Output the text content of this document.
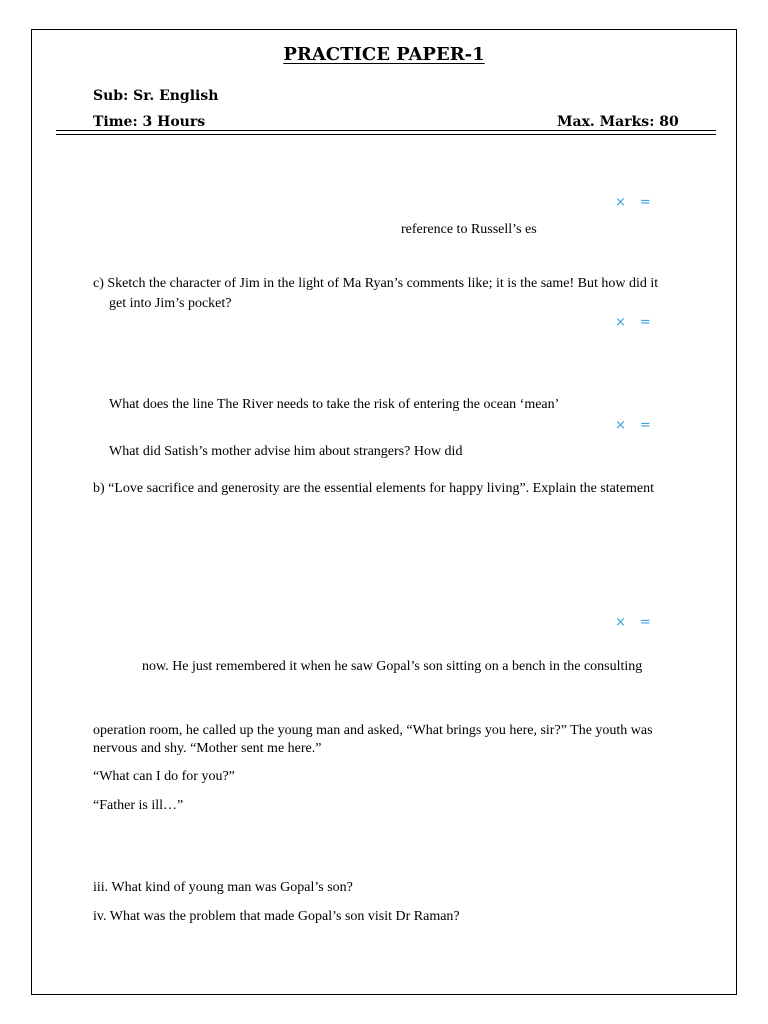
PRACTICE PAPER-1
Sub: Sr. English
Time: 3 Hours	Max. Marks: 80
× =
reference to Russell’s es
c) Sketch the character of Jim in the light of Ma Ryan’s comments like; it is the same! But how did it
get into Jim’s pocket?
× =
What does the line The River needs to take the risk of entering the ocean ‘mean’
× =
What did Satish’s mother advise him about strangers? How did
b) “Love sacrifice and generosity are the essential elements for happy living”. Explain the statement
× =
now. He just remembered it when he saw Gopal’s son sitting on a bench in the consulting
operation room, he called up the young man and asked, “What brings you here, sir?” The youth was
nervous and shy. “Mother sent me here.”
“What can I do for you?”
“Father is ill…”
iii. What kind of young man was Gopal’s son?
iv. What was the problem that made Gopal’s son visit Dr Raman?
